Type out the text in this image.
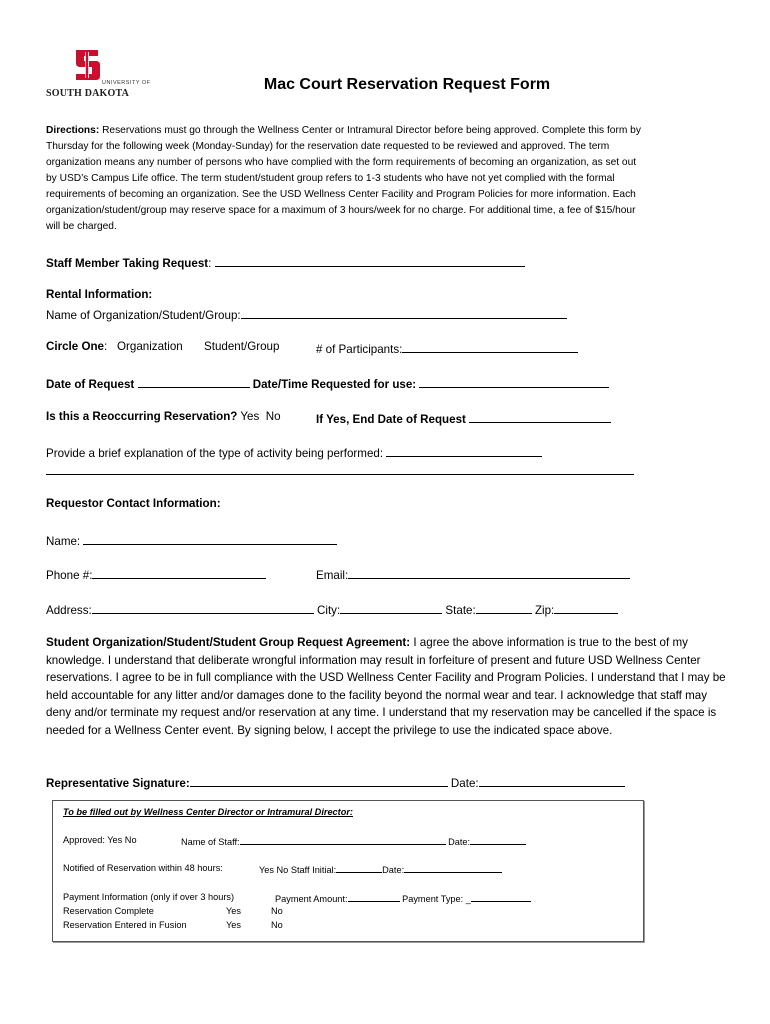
UNIVERSITY OF
SOUTH DAKOTA
Mac Court Reservation Request Form
Directions: Reservations must go through the Wellness Center or Intramural Director before being approved. Complete this form by
Thursday for the following week (Monday-Sunday) for the reservation date requested to be reviewed and approved. The term
organization means any number of persons who have complied with the form requirements of becoming an organization, as set out
by USD’s Campus Life office. The term student/student group refers to 1-3 students who have not yet complied with the formal
requirements of becoming an organization. See the USD Wellness Center Facility and Program Policies for more information. Each
organization/student/group may reserve space for a maximum of 3 hours/week for no charge. For additional time, a fee of $15/hour
will be charged.
Staff Member Taking Request:
Rental Information:
Name of Organization/Student/Group:
Circle One: Organization Student/Group	# of Participants:
Date of Request	Date/Time Requested for use:
Is this a Reoccurring Reservation? Yes No	If Yes, End Date of Request
Provide a brief explanation of the type of activity being performed:
Requestor Contact Information:
Name:
Phone #:	Email:
Address:	City:	State:	Zip:
Student Organization/Student/Student Group Request Agreement: I agree the above information is true to the best of my knowledge. I understand that deliberate wrongful information may result in forfeiture of present and future USD Wellness Center reservations. I agree to be in full compliance with the USD Wellness Center Facility and Program Policies. I understand that I may be held accountable for any litter and/or damages done to the facility beyond the normal wear and tear. I acknowledge that staff may deny and/or terminate my request and/or reservation at any time. I understand that my reservation may be cancelled if the space is needed for a Wellness Center event. By signing below, I accept the privilege to use the indicated space above.
Representative Signature:	Date:
To be filled out by Wellness Center Director or Intramural Director:
Approved: Yes No	Name of Staff:	Date:
Notified of Reservation within 48 hours:	Yes No Staff Initial:	Date:
Payment Information (only if over 3 hours)	Payment Amount:	Payment Type: _
Reservation Complete	Yes	No
Reservation Entered in Fusion	Yes	No
